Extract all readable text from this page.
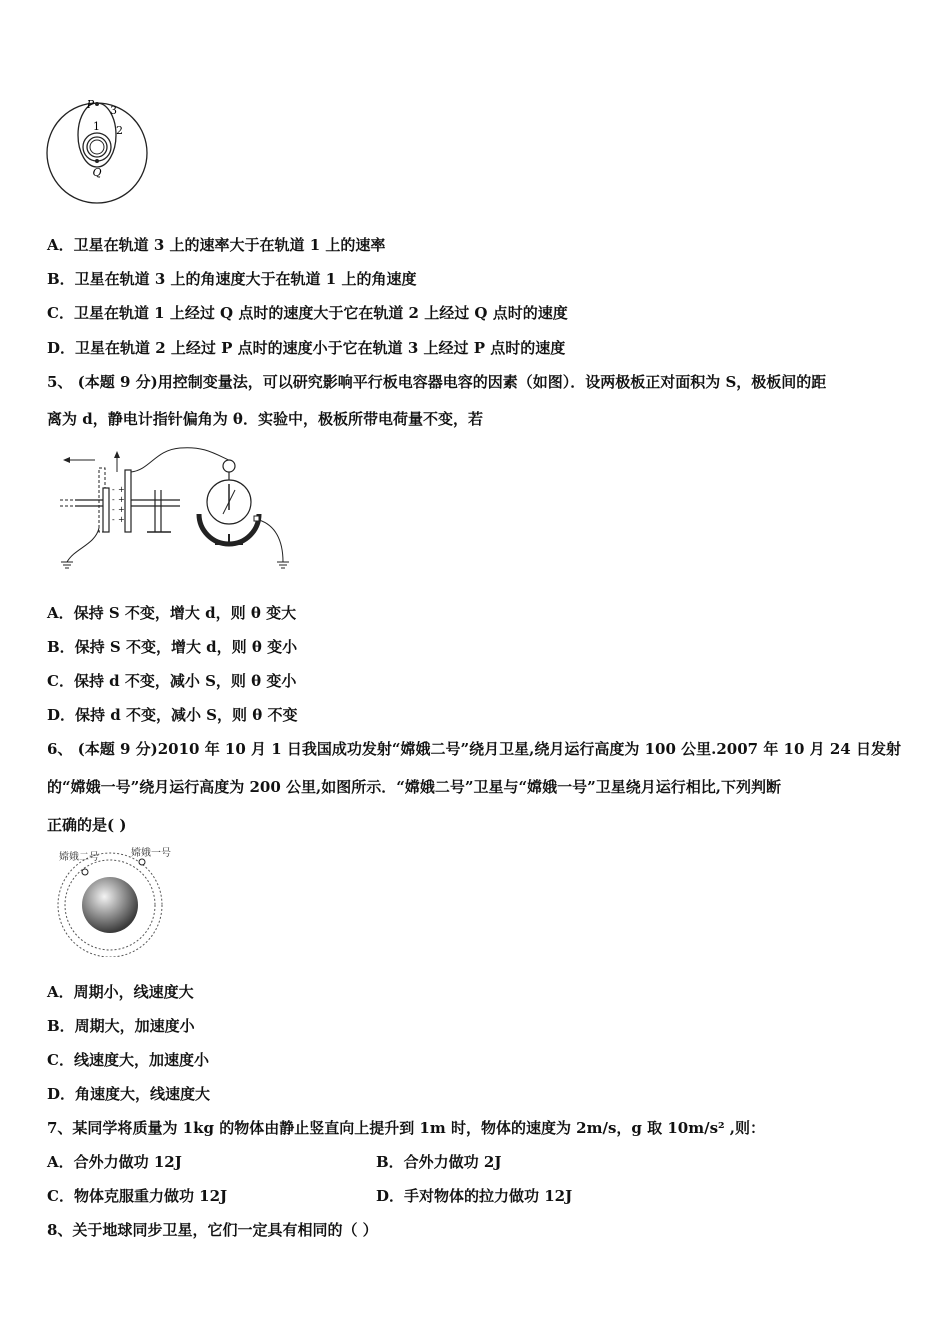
P
Q
1 2
3
A．卫星在轨道 3 上的速率大于在轨道 1 上的速率
B．卫星在轨道 3 上的角速度大于在轨道 1 上的角速度
C．卫星在轨道 1 上经过 Q 点时的速度大于它在轨道 2 上经过 Q 点时的速度
D．卫星在轨道 2 上经过 P 点时的速度小于它在轨道 3 上经过 P 点时的速度
5、 (本题 9 分)用控制变量法，可以研究影响平行板电容器电容的因素（如图）．设两极板正对面积为 S，极板间的距
离为 d，静电计指针偏角为 θ．实验中，极板所带电荷量不变，若
-
-
-
-
+
+
+
+
A．保持 S 不变，增大 d，则 θ 变大
B．保持 S 不变，增大 d，则 θ 变小
C．保持 d 不变，减小 S，则 θ 变小
D．保持 d 不变，减小 S，则 θ 不变
6、 (本题 9 分)2010 年 10 月 1 日我国成功发射“嫦娥二号”绕月卫星,绕月运行高度为 100 公里.2007 年 10 月 24 日发射
的“嫦娥一号”绕月运行高度为 200 公里,如图所示．“嫦娥二号”卫星与“嫦娥一号”卫星绕月运行相比,下列判断
正确的是( )
嫦娥二号	嫦娥一号
A．周期小，线速度大
B．周期大，加速度小
C．线速度大，加速度小
D．角速度大，线速度大
7、某同学将质量为 1kg 的物体由静止竖直向上提升到 1m 时，物体的速度为 2m/s，g 取 10m/s² ,则：
A．合外力做功 12J	B．合外力做功 2J
C．物体克服重力做功 12J	D．手对物体的拉力做功 12J
8、关于地球同步卫星，它们一定具有相同的（ ）
